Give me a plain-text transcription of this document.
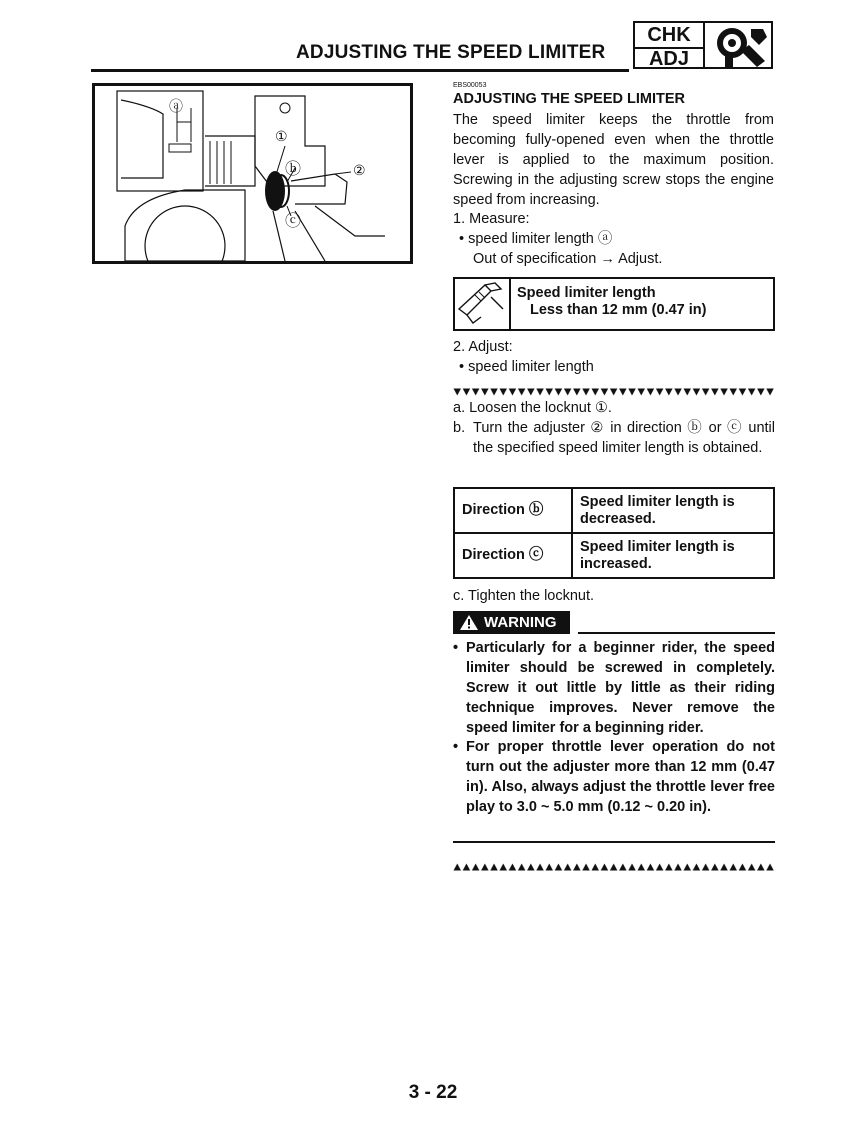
ADJUSTING THE SPEED LIMITER
CHK
ADJ
ⓐ
①
ⓑ	②
ⓒ
EBS00053
ADJUSTING THE SPEED LIMITER
The speed limiter keeps the throttle from becoming fully-opened even when the throttle lever is applied to the maximum position. Screwing in the adjusting screw stops the engine speed from increasing.
1. Measure:
• speed limiter length ⓐ
Out of specification → Adjust.
Speed limiter length
Less than 12 mm (0.47 in)
2. Adjust:
• speed limiter length
a. Loosen the locknut ①.
b. Turn the adjuster ② in direction ⓑ or ⓒ until the specified speed limiter length is obtained.
Direction ⓑ	Speed limiter length is decreased.
Direction ⓒ	Speed limiter length is increased.
c. Tighten the locknut.
WARNING
• Particularly for a beginner rider, the speed limiter should be screwed in completely. Screw it out little by little as their riding technique improves. Never remove the speed limiter for a beginning rider.
• For proper throttle lever operation do not turn out the adjuster more than 12 mm (0.47 in). Also, always adjust the throttle lever free play to 3.0 ~ 5.0 mm (0.12 ~ 0.20 in).
3 - 22
